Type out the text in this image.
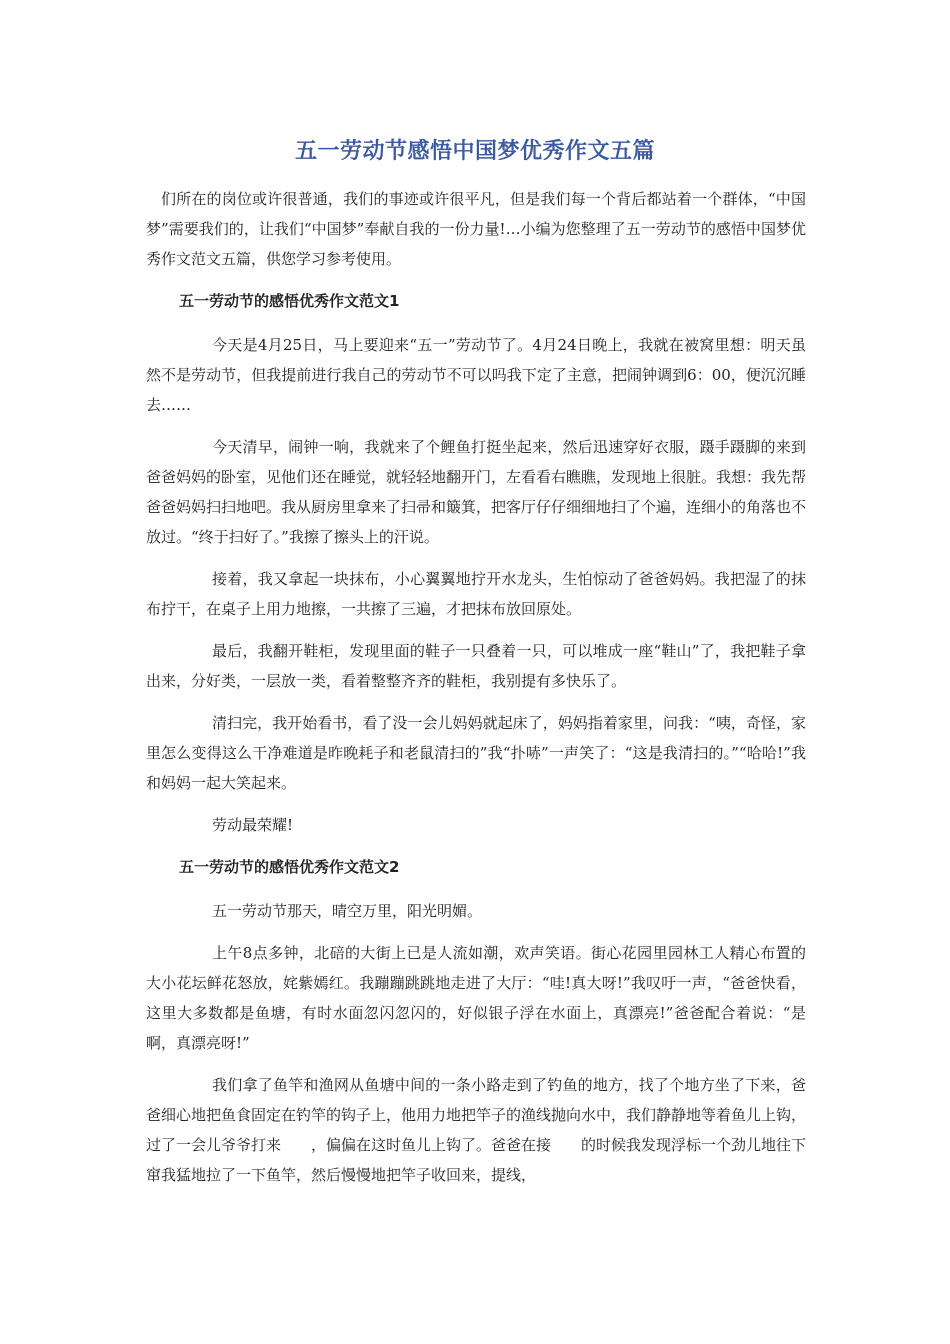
五一劳动节感悟中国梦优秀作文五篇

们所在的岗位或许很普通，我们的事迹或许很平凡，但是我们每一个背后都站着一个群体，“中国梦”需要我们的，让我们“中国梦”奉献自我的一份力量!…小编为您整理了五一劳动节的感悟中国梦优秀作文范文五篇，供您学习参考使用。

五一劳动节的感悟优秀作文范文1

今天是4月25日，马上要迎来“五一”劳动节了。4月24日晚上，我就在被窝里想：明天虽然不是劳动节，但我提前进行我自己的劳动节不可以吗我下定了主意，把闹钟调到6：00，便沉沉睡去……

今天清早，闹钟一响，我就来了个鲤鱼打挺坐起来，然后迅速穿好衣服，蹑手蹑脚的来到爸爸妈妈的卧室，见他们还在睡觉，就轻轻地翻开门，左看看右瞧瞧，发现地上很脏。我想：我先帮爸爸妈妈扫扫地吧。我从厨房里拿来了扫帚和簸箕，把客厅仔仔细细地扫了个遍，连细小的角落也不放过。“终于扫好了。”我擦了擦头上的汗说。

接着，我又拿起一块抹布，小心翼翼地拧开水龙头，生怕惊动了爸爸妈妈。我把湿了的抹布拧干，在桌子上用力地擦，一共擦了三遍，才把抹布放回原处。

最后，我翻开鞋柜，发现里面的鞋子一只叠着一只，可以堆成一座“鞋山”了，我把鞋子拿出来，分好类，一层放一类，看着整整齐齐的鞋柜，我别提有多快乐了。

清扫完，我开始看书，看了没一会儿妈妈就起床了，妈妈指着家里，问我：“咦，奇怪，家里怎么变得这么干净难道是昨晚耗子和老鼠清扫的”我“扑哧”一声笑了：“这是我清扫的。”“哈哈!”我和妈妈一起大笑起来。

劳动最荣耀!

五一劳动节的感悟优秀作文范文2

五一劳动节那天，晴空万里，阳光明媚。

上午8点多钟，北碚的大街上已是人流如潮，欢声笑语。街心花园里园林工人精心布置的大小花坛鲜花怒放，姹紫嫣红。我蹦蹦跳跳地走进了大厅：“哇!真大呀!”我叹吁一声，“爸爸快看，这里大多数都是鱼塘，有时水面忽闪忽闪的，好似银子浮在水面上，真漂亮!”爸爸配合着说：“是啊，真漂亮呀!”

我们拿了鱼竿和渔网从鱼塘中间的一条小路走到了钓鱼的地方，找了个地方坐了下来，爸爸细心地把鱼食固定在钓竿的钩子上，他用力地把竿子的渔线抛向水中，我们静静地等着鱼儿上钩，过了一会儿爷爷打来　　，偏偏在这时鱼儿上钩了。爸爸在接　　的时候我发现浮标一个劲儿地往下窜我猛地拉了一下鱼竿，然后慢慢地把竿子收回来，提线，
